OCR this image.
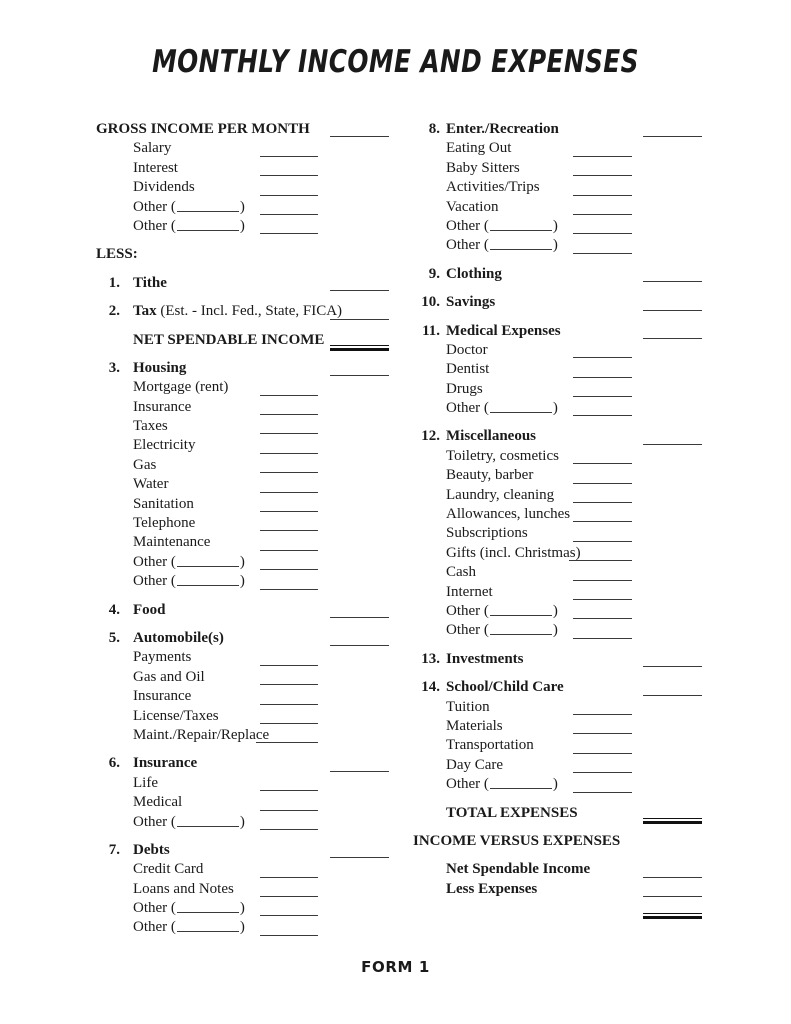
MONTHLY INCOME AND EXPENSES
GROSS INCOME PER MONTH
Salary
Interest
Dividends
Other (	)
Other (	)
LESS:
1. Tithe
2. Tax (Est. - Incl. Fed., State, FICA)
NET SPENDABLE INCOME
3. Housing
Mortgage (rent)
Insurance
Taxes
Electricity
Gas
Water
Sanitation
Telephone
Maintenance
Other (	)
Other (	)
4. Food
5. Automobile(s)
Payments
Gas and Oil
Insurance
License/Taxes
Maint./Repair/Replace
6. Insurance
Life
Medical
Other (	)
7. Debts
Credit Card
Loans and Notes
Other (	)
Other (	)
8. Enter./Recreation
Eating Out
Baby Sitters
Activities/Trips
Vacation
Other (	)
Other (	)
9. Clothing
10. Savings
11. Medical Expenses
Doctor
Dentist
Drugs
Other (	)
12. Miscellaneous
Toiletry, cosmetics
Beauty, barber
Laundry, cleaning
Allowances, lunches
Subscriptions
Gifts (incl. Christmas)
Cash
Internet
Other (	)
Other (	)
13. Investments
14. School/Child Care
Tuition
Materials
Transportation
Day Care
Other (	)
TOTAL EXPENSES
INCOME VERSUS EXPENSES
Net Spendable Income
Less Expenses
FORM 1
